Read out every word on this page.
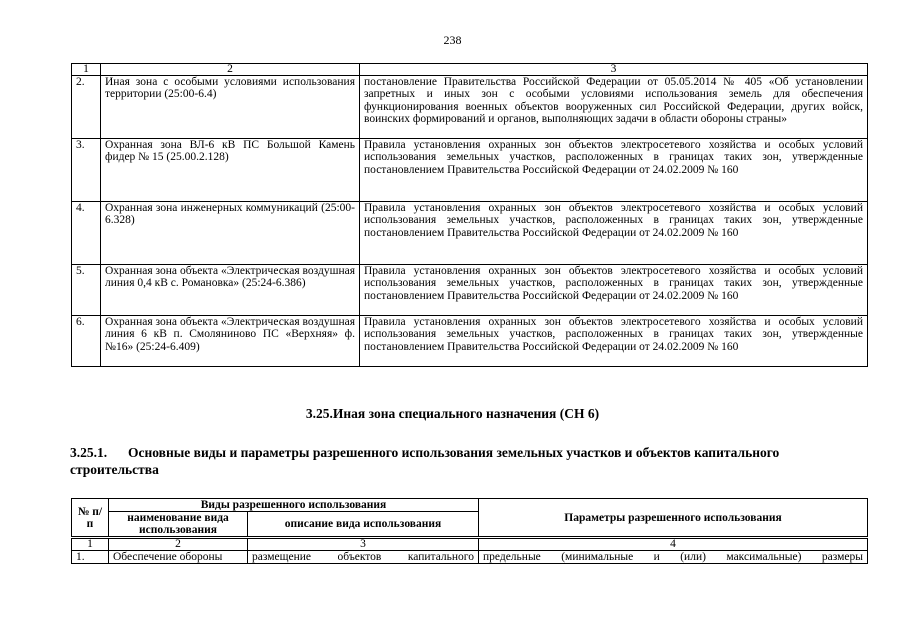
238
1	2	3
2.	Иная зона с особыми условиями использования территории (25:00-6.4)	постановление Правительства Российской Федерации от 05.05.2014 № 405 «Об установлении запретных и иных зон с особыми условиями использования земель для обеспечения функционирования военных объектов вооруженных сил Российской Федерации, других войск, воинских формирований и органов, выполняющих задачи в области обороны страны»
3.	Охранная зона ВЛ-6 кВ ПС Большой Камень фидер № 15 (25.00.2.128)	Правила установления охранных зон объектов электросетевого хозяйства и особых условий использования земельных участков, расположенных в границах таких зон, утвержденные постановлением Правительства Российской Федерации от 24.02.2009 № 160
4.	Охранная зона инженерных коммуникаций (25:00-6.328)	Правила установления охранных зон объектов электросетевого хозяйства и особых условий использования земельных участков, расположенных в границах таких зон, утвержденные постановлением Правительства Российской Федерации от 24.02.2009 № 160
5.	Охранная зона объекта «Электрическая воздушная линия 0,4 кВ с. Романовка» (25:24-6.386)	Правила установления охранных зон объектов электросетевого хозяйства и особых условий использования земельных участков, расположенных в границах таких зон, утвержденные постановлением Правительства Российской Федерации от 24.02.2009 № 160
6.	Охранная зона объекта «Электрическая воздушная линия 6 кВ п. Смоляниново ПС «Верхняя» ф.№16» (25:24-6.409)	Правила установления охранных зон объектов электросетевого хозяйства и особых условий использования земельных участков, расположенных в границах таких зон, утвержденные постановлением Правительства Российской Федерации от 24.02.2009 № 160
3.25.Иная зона специального назначения (СН 6)
3.25.1. Основные виды и параметры разрешенного использования земельных участков и объектов капитального строительства
№ п/п	Виды разрешенного использования		Параметры разрешенного использования
	наименование вида использования	описание вида использования	
1	2	3	4
1.	Обеспечение обороны	размещение объектов капитального	предельные (минимальные и (или) максимальные) размеры
